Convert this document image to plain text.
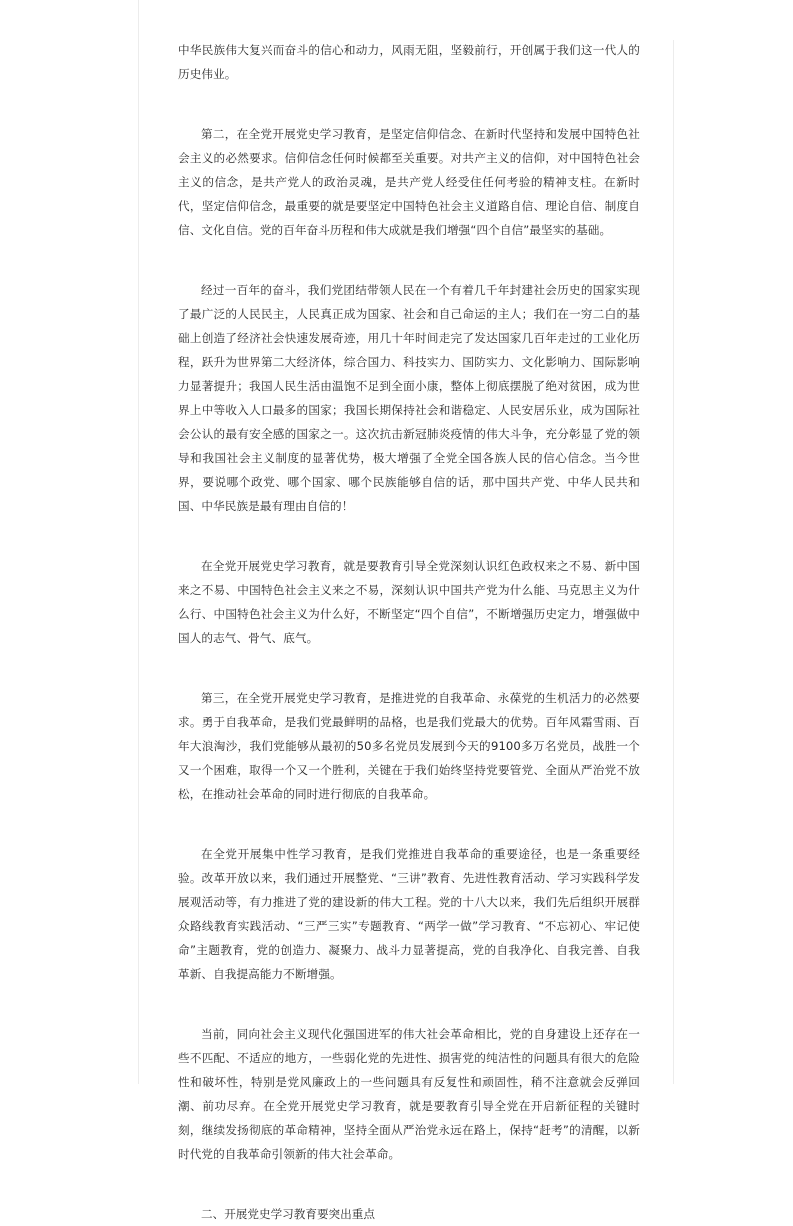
中华民族伟大复兴而奋斗的信心和动力，风雨无阻，坚毅前行，开创属于我们这一代人的历史伟业。

第二，在全党开展党史学习教育，是坚定信仰信念、在新时代坚持和发展中国特色社会主义的必然要求。信仰信念任何时候都至关重要。对共产主义的信仰，对中国特色社会主义的信念，是共产党人的政治灵魂，是共产党人经受住任何考验的精神支柱。在新时代，坚定信仰信念，最重要的就是要坚定中国特色社会主义道路自信、理论自信、制度自信、文化自信。党的百年奋斗历程和伟大成就是我们增强“四个自信”最坚实的基础。

经过一百年的奋斗，我们党团结带领人民在一个有着几千年封建社会历史的国家实现了最广泛的人民民主，人民真正成为国家、社会和自己命运的主人；我们在一穷二白的基础上创造了经济社会快速发展奇迹，用几十年时间走完了发达国家几百年走过的工业化历程，跃升为世界第二大经济体，综合国力、科技实力、国防实力、文化影响力、国际影响力显著提升；我国人民生活由温饱不足到全面小康，整体上彻底摆脱了绝对贫困，成为世界上中等收入人口最多的国家；我国长期保持社会和谐稳定、人民安居乐业，成为国际社会公认的最有安全感的国家之一。这次抗击新冠肺炎疫情的伟大斗争，充分彰显了党的领导和我国社会主义制度的显著优势，极大增强了全党全国各族人民的信心信念。当今世界，要说哪个政党、哪个国家、哪个民族能够自信的话，那中国共产党、中华人民共和国、中华民族是最有理由自信的！

在全党开展党史学习教育，就是要教育引导全党深刻认识红色政权来之不易、新中国来之不易、中国特色社会主义来之不易，深刻认识中国共产党为什么能、马克思主义为什么行、中国特色社会主义为什么好，不断坚定“四个自信”，不断增强历史定力，增强做中国人的志气、骨气、底气。

第三，在全党开展党史学习教育，是推进党的自我革命、永葆党的生机活力的必然要求。勇于自我革命，是我们党最鲜明的品格，也是我们党最大的优势。百年风霜雪雨、百年大浪淘沙，我们党能够从最初的50多名党员发展到今天的9100多万名党员，战胜一个又一个困难，取得一个又一个胜利，关键在于我们始终坚持党要管党、全面从严治党不放松，在推动社会革命的同时进行彻底的自我革命。

在全党开展集中性学习教育，是我们党推进自我革命的重要途径，也是一条重要经验。改革开放以来，我们通过开展整党、“三讲”教育、先进性教育活动、学习实践科学发展观活动等，有力推进了党的建设新的伟大工程。党的十八大以来，我们先后组织开展群众路线教育实践活动、“三严三实”专题教育、“两学一做”学习教育、“不忘初心、牢记使命”主题教育，党的创造力、凝聚力、战斗力显著提高，党的自我净化、自我完善、自我革新、自我提高能力不断增强。

当前，同向社会主义现代化强国进军的伟大社会革命相比，党的自身建设上还存在一些不匹配、不适应的地方，一些弱化党的先进性、损害党的纯洁性的问题具有很大的危险性和破坏性，特别是党风廉政上的一些问题具有反复性和顽固性，稍不注意就会反弹回潮、前功尽弃。在全党开展党史学习教育，就是要教育引导全党在开启新征程的关键时刻，继续发扬彻底的革命精神，坚持全面从严治党永远在路上，保持“赶考”的清醒，以新时代党的自我革命引领新的伟大社会革命。

二、开展党史学习教育要突出重点
